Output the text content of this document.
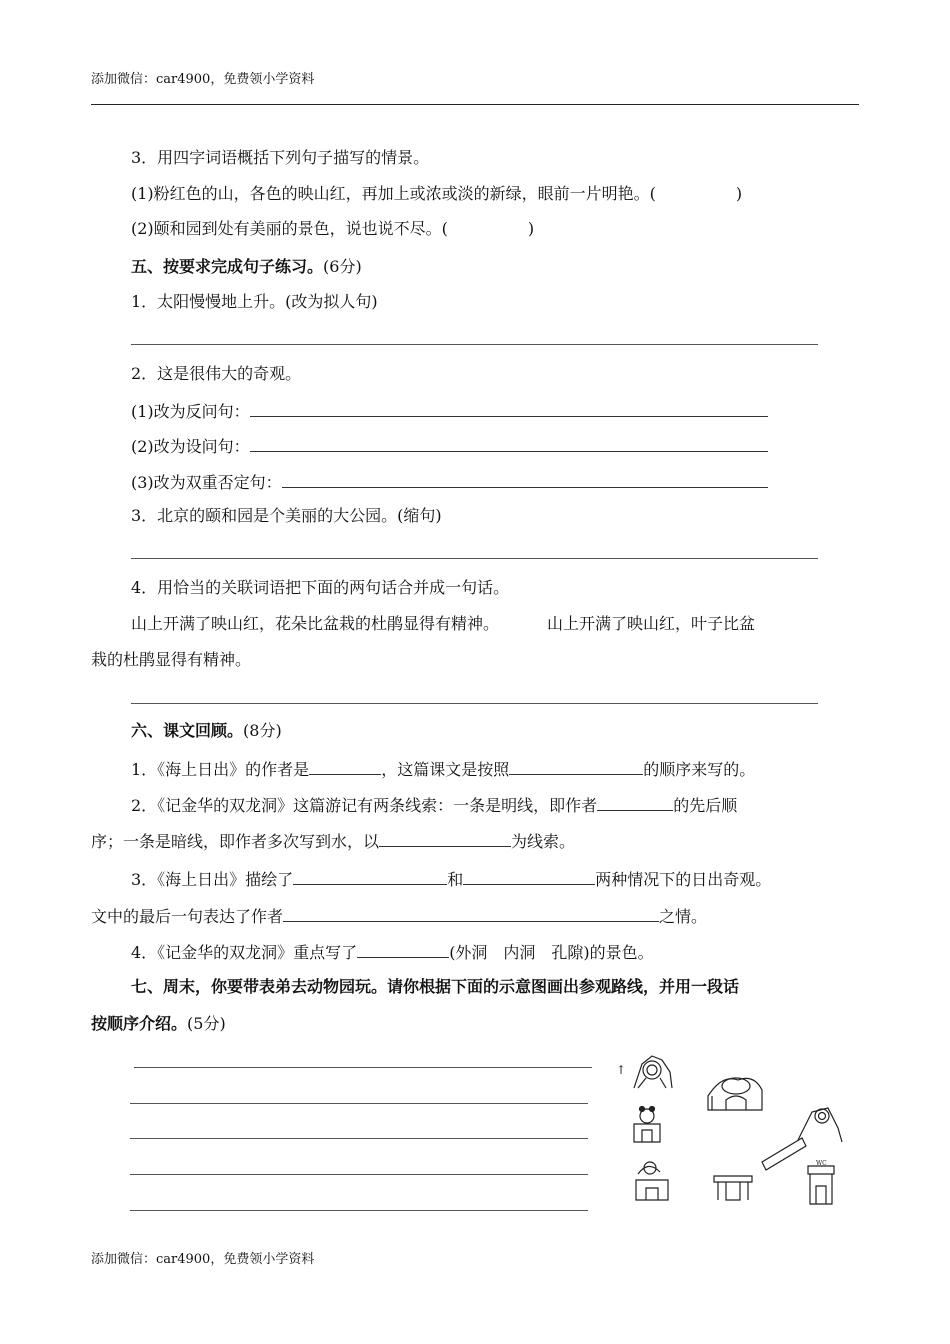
添加微信：car4900，免费领小学资料
3．用四字词语概括下列句子描写的情景。
(1)粉红色的山，各色的映山红，再加上或浓或淡的新绿，眼前一片明艳。(	)
(2)颐和园到处有美丽的景色，说也说不尽。(	)
五、按要求完成句子练习。(6分)
1．太阳慢慢地上升。(改为拟人句)
2．这是很伟大的奇观。
(1)改为反问句：
(2)改为设问句：
(3)改为双重否定句：
3．北京的颐和园是个美丽的大公园。(缩句)
4．用恰当的关联词语把下面的两句话合并成一句话。
山上开满了映山红，花朵比盆栽的杜鹃显得有精神。	山上开满了映山红，叶子比盆
栽的杜鹃显得有精神。
六、课文回顾。(8分)
1．《海上日出》的作者是	，这篇课文是按照	的顺序来写的。
2．《记金华的双龙洞》这篇游记有两条线索：一条是明线，即作者	的先后顺
序；一条是暗线，即作者多次写到水，以	为线索。
3．《海上日出》描绘了	和	两种情况下的日出奇观。
文中的最后一句表达了作者	之情。
4．《记金华的双龙洞》重点写了	(外洞　内洞　孔隙)的景色。
七、周末，你要带表弟去动物园玩。请你根据下面的示意图画出参观路线，并用一段话
按顺序介绍。(5分)
↑
WC
添加微信：car4900，免费领小学资料
